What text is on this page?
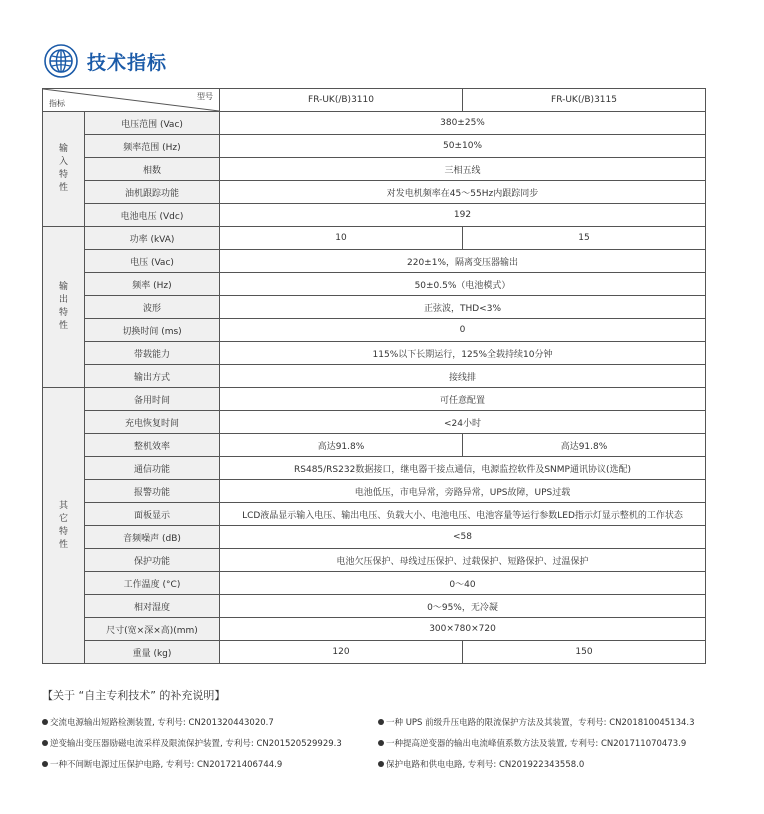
技术指标
型号
指标		FR-UK(/B)3110	FR-UK(/B)3115

输
入
特
性	电压范围 (Vac)	380±25%	
	频率范围 (Hz)	50±10%	
	相数	三相五线	
	油机跟踪功能	对发电机频率在45～55Hz内跟踪同步	
	电池电压 (Vdc)	192	

输
出
特
性	功率 (kVA)	10	15
	电压 (Vac)	220±1%，隔离变压器输出	
	频率 (Hz)	50±0.5%（电池模式）	
	波形	正弦波，THD<3%	
	切换时间 (ms)	0	
	带载能力	115%以下长期运行，125%全载持续10分钟	
	输出方式	接线排	

其
它
特
性	备用时间	可任意配置	
	充电恢复时间	<24小时	
	整机效率	高达91.8%	高达91.8%
	通信功能	RS485/RS232数据接口，继电器干接点通信，电源监控软件及SNMP通讯协议(选配)	
	报警功能	电池低压，市电异常，旁路异常，UPS故障，UPS过载	
	面板显示	LCD液晶显示输入电压、输出电压、负载大小、电池电压、电池容量等运行参数LED指示灯显示整机的工作状态	
	音频噪声 (dB)	<58	
	保护功能	电池欠压保护、母线过压保护、过载保护、短路保护、过温保护	
	工作温度 (°C)	0～40	
	相对湿度	0～95%，无冷凝	
	尺寸(宽×深×高)(mm)	300×780×720	
	重量 (kg)	120	150
【关于 “自主专利技术” 的补充说明】
交流电源输出短路检测装置, 专利号: CN201320443020.7	一种 UPS 前级升压电路的限流保护方法及其装置，专利号: CN201810045134.3
逆变输出变压器励磁电流采样及限流保护装置, 专利号: CN201520529929.3	一种提高逆变器的输出电流峰值系数方法及装置, 专利号: CN201711070473.9
一种不间断电源过压保护电路, 专利号: CN201721406744.9	保护电路和供电电路, 专利号: CN201922343558.0
